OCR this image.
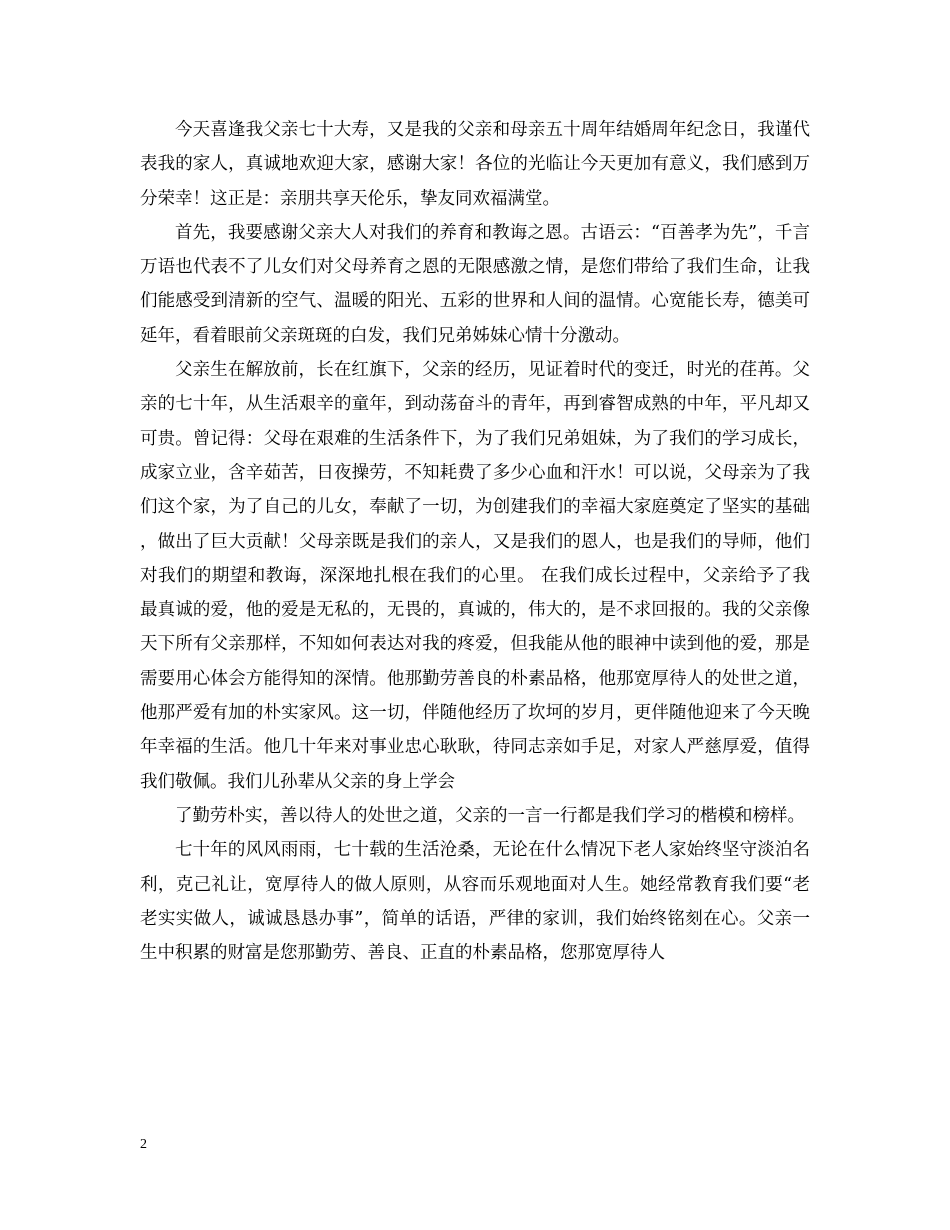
今天喜逢我父亲七十大寿，又是我的父亲和母亲五十周年结婚周年纪念日，我谨代表我的家人，真诚地欢迎大家，感谢大家！各位的光临让今天更加有意义，我们感到万分荣幸！这正是：亲朋共享天伦乐，挚友同欢福满堂。

首先，我要感谢父亲大人对我们的养育和教诲之恩。古语云：“百善孝为先”，千言万语也代表不了儿女们对父母养育之恩的无限感激之情，是您们带给了我们生命，让我们能感受到清新的空气、温暖的阳光、五彩的世界和人间的温情。心宽能长寿，德美可延年，看着眼前父亲斑斑的白发，我们兄弟姊妹心情十分激动。

父亲生在解放前，长在红旗下，父亲的经历，见证着时代的变迁，时光的荏苒。父亲的七十年，从生活艰辛的童年，到动荡奋斗的青年，再到睿智成熟的中年，平凡却又可贵。曾记得：父母在艰难的生活条件下，为了我们兄弟姐妹，为了我们的学习成长，成家立业，含辛茹苦，日夜操劳，不知耗费了多少心血和汗水！可以说，父母亲为了我们这个家，为了自己的儿女，奉献了一切，为创建我们的幸福大家庭奠定了坚实的基础，做出了巨大贡献！父母亲既是我们的亲人，又是我们的恩人，也是我们的导师，他们对我们的期望和教诲，深深地扎根在我们的心里。 在我们成长过程中，父亲给予了我最真诚的爱，他的爱是无私的，无畏的，真诚的，伟大的，是不求回报的。我的父亲像天下所有父亲那样，不知如何表达对我的疼爱，但我能从他的眼神中读到他的爱，那是需要用心体会方能得知的深情。他那勤劳善良的朴素品格，他那宽厚待人的处世之道，他那严爱有加的朴实家风。这一切，伴随他经历了坎坷的岁月，更伴随他迎来了今天晚年幸福的生活。他几十年来对事业忠心耿耿，待同志亲如手足，对家人严慈厚爱，值得我们敬佩。我们儿孙辈从父亲的身上学会

了勤劳朴实，善以待人的处世之道，父亲的一言一行都是我们学习的楷模和榜样。

七十年的风风雨雨，七十载的生活沧桑，无论在什么情况下老人家始终坚守淡泊名利，克己礼让，宽厚待人的做人原则，从容而乐观地面对人生。她经常教育我们要“老老实实做人，诚诚恳恳办事”，简单的话语，严律的家训，我们始终铭刻在心。父亲一生中积累的财富是您那勤劳、善良、正直的朴素品格，您那宽厚待人

2
